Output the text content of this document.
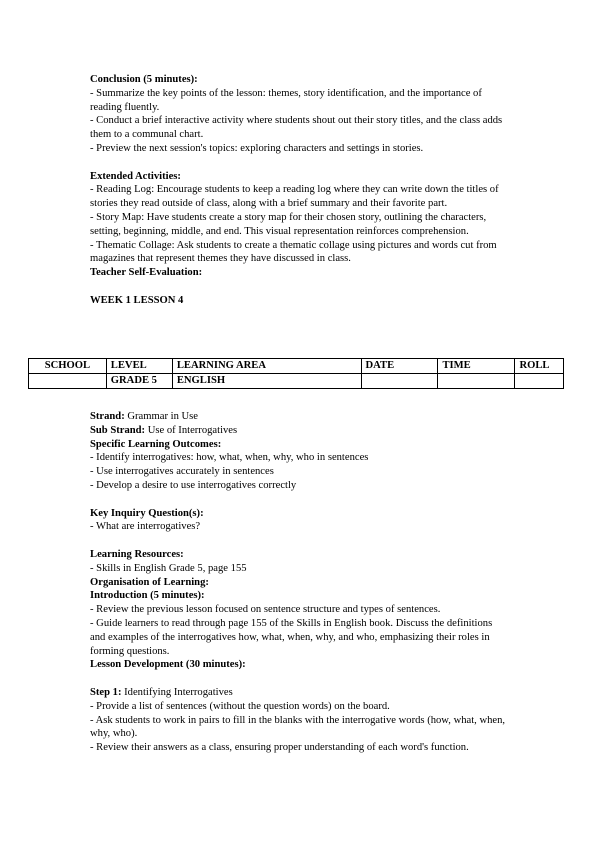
Conclusion (5 minutes):

- Summarize the key points of the lesson: themes, story identification, and the importance of reading fluently.

- Conduct a brief interactive activity where students shout out their story titles, and the class adds them to a communal chart.

- Preview the next session's topics: exploring characters and settings in stories.

Extended Activities:

- Reading Log: Encourage students to keep a reading log where they can write down the titles of stories they read outside of class, along with a brief summary and their favorite part.

- Story Map: Have students create a story map for their chosen story, outlining the characters, setting, beginning, middle, and end. This visual representation reinforces comprehension.

- Thematic Collage: Ask students to create a thematic collage using pictures and words cut from magazines that represent themes they have discussed in class.

Teacher Self-Evaluation:

WEEK 1 LESSON 4

SCHOOL	LEVEL	LEARNING AREA	DATE	TIME	ROLL
	GRADE 5	ENGLISH			

Strand: Grammar in Use

Sub Strand: Use of Interrogatives

Specific Learning Outcomes:

- Identify interrogatives: how, what, when, why, who in sentences

- Use interrogatives accurately in sentences

- Develop a desire to use interrogatives correctly

Key Inquiry Question(s):

- What are interrogatives?

Learning Resources:

- Skills in English Grade 5, page 155

Organisation of Learning:

Introduction (5 minutes):

- Review the previous lesson focused on sentence structure and types of sentences.

- Guide learners to read through page 155 of the Skills in English book. Discuss the definitions and examples of the interrogatives how, what, when, why, and who, emphasizing their roles in forming questions.

Lesson Development (30 minutes):

Step 1: Identifying Interrogatives

- Provide a list of sentences (without the question words) on the board.

- Ask students to work in pairs to fill in the blanks with the interrogative words (how, what, when, why, who).

- Review their answers as a class, ensuring proper understanding of each word's function.
